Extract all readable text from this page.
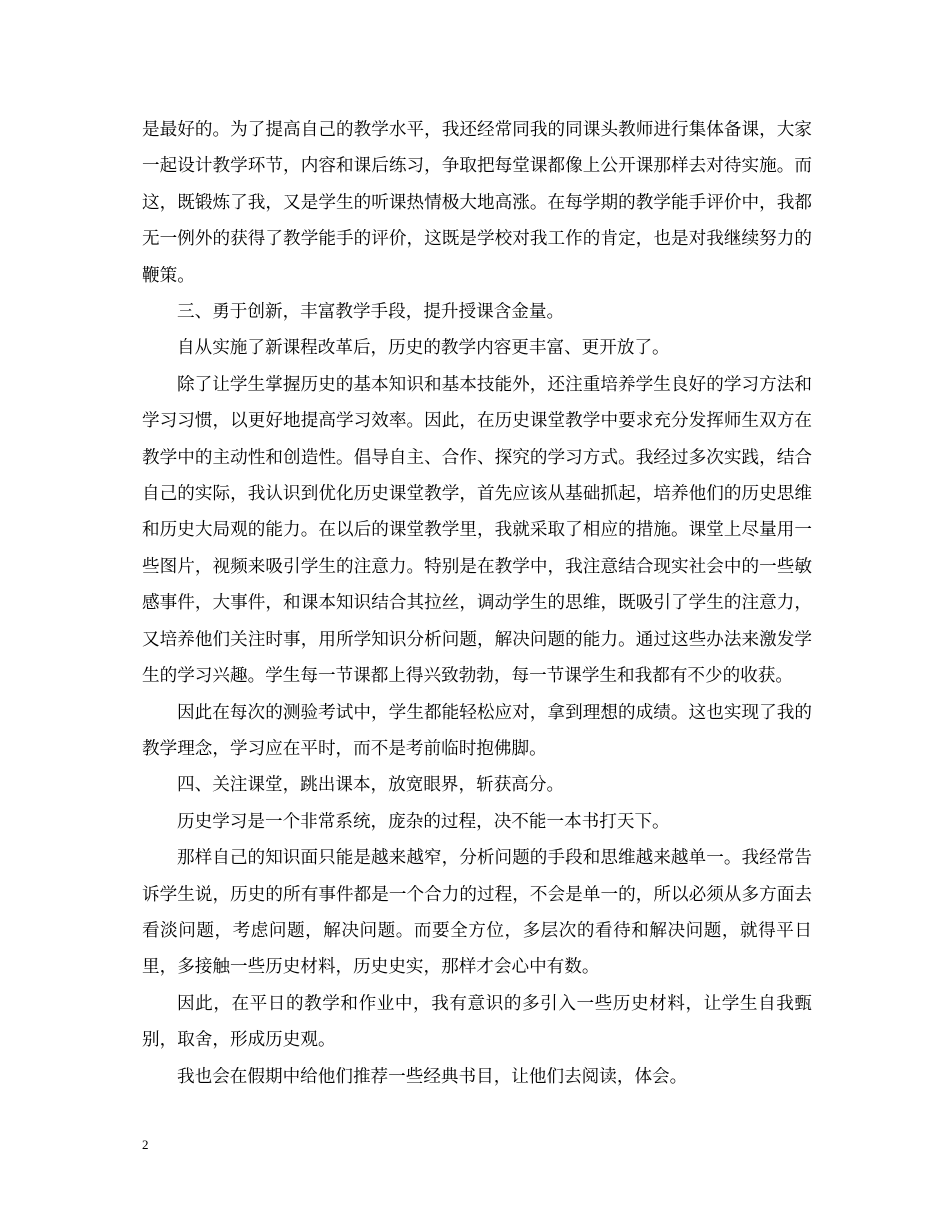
是最好的。为了提高自己的教学水平，我还经常同我的同课头教师进行集体备课，大家一起设计教学环节，内容和课后练习，争取把每堂课都像上公开课那样去对待实施。而这，既锻炼了我，又是学生的听课热情极大地高涨。在每学期的教学能手评价中，我都无一例外的获得了教学能手的评价，这既是学校对我工作的肯定，也是对我继续努力的鞭策。

三、勇于创新，丰富教学手段，提升授课含金量。

自从实施了新课程改革后，历史的教学内容更丰富、更开放了。

除了让学生掌握历史的基本知识和基本技能外，还注重培养学生良好的学习方法和学习习惯，以更好地提高学习效率。因此，在历史课堂教学中要求充分发挥师生双方在教学中的主动性和创造性。倡导自主、合作、探究的学习方式。我经过多次实践，结合自己的实际，我认识到优化历史课堂教学，首先应该从基础抓起，培养他们的历史思维和历史大局观的能力。在以后的课堂教学里，我就采取了相应的措施。课堂上尽量用一些图片，视频来吸引学生的注意力。特别是在教学中，我注意结合现实社会中的一些敏感事件，大事件，和课本知识结合其拉丝，调动学生的思维，既吸引了学生的注意力，又培养他们关注时事，用所学知识分析问题，解决问题的能力。通过这些办法来激发学生的学习兴趣。学生每一节课都上得兴致勃勃，每一节课学生和我都有不少的收获。

因此在每次的测验考试中，学生都能轻松应对，拿到理想的成绩。这也实现了我的教学理念，学习应在平时，而不是考前临时抱佛脚。

四、关注课堂，跳出课本，放宽眼界，斩获高分。

历史学习是一个非常系统，庞杂的过程，决不能一本书打天下。

那样自己的知识面只能是越来越窄，分析问题的手段和思维越来越单一。我经常告诉学生说，历史的所有事件都是一个合力的过程，不会是单一的，所以必须从多方面去看淡问题，考虑问题，解决问题。而要全方位，多层次的看待和解决问题，就得平日里，多接触一些历史材料，历史史实，那样才会心中有数。

因此，在平日的教学和作业中，我有意识的多引入一些历史材料，让学生自我甄别，取舍，形成历史观。

我也会在假期中给他们推荐一些经典书目，让他们去阅读，体会。

2
